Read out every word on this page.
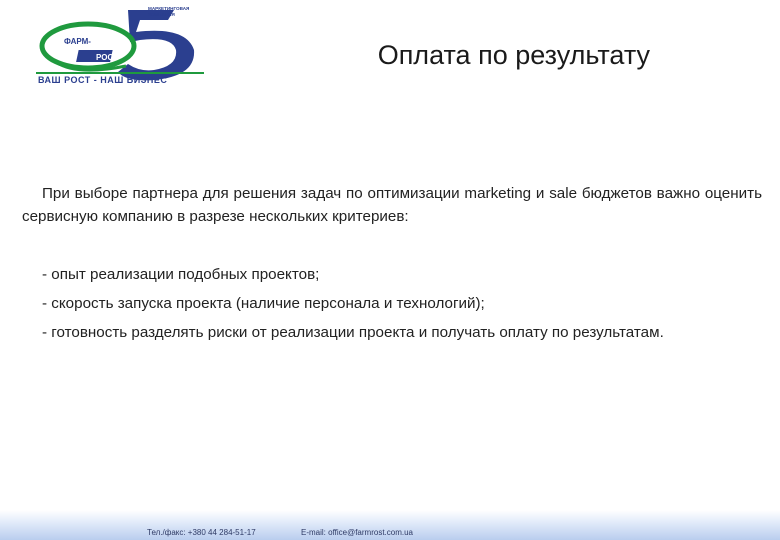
ФАРМ-
РОСТ
МАРКЕТИНГОВАЯ
КОМПАНИЯ
ВАШ РОСТ - НАШ БИЗНЕС
Оплата по результату
При выборе партнера для решения задач по оптимизации marketing и sale бюджетов важно оценить сервисную компанию в разрезе нескольких критериев:
- опыт реализации подобных проектов;
- скорость запуска проекта (наличие персонала и технологий);
- готовность разделять риски от реализации проекта и получать оплату по результатам.
Тел./факс: +380 44 284-51-17	E-mail: office@farmrost.com.ua
